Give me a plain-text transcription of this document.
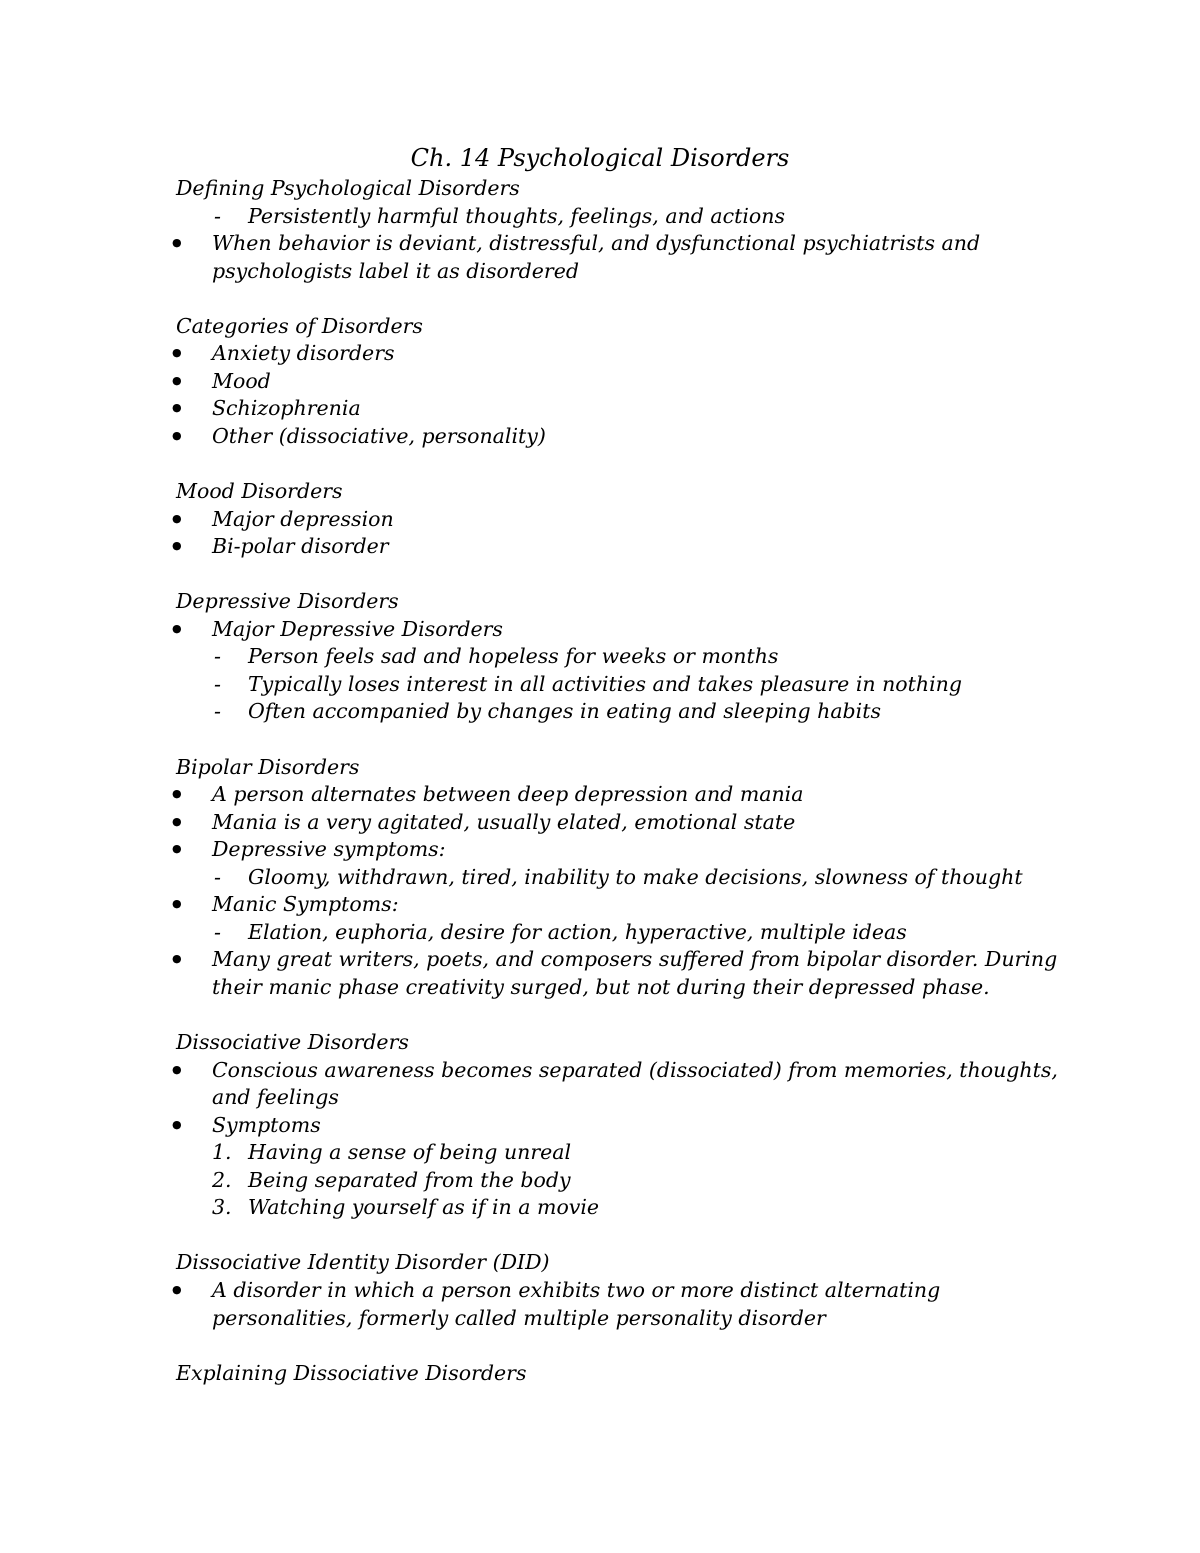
Ch. 14 Psychological Disorders
Defining Psychological Disorders
- Persistently harmful thoughts, feelings, and actions
● When behavior is deviant, distressful, and dysfunctional psychiatrists and
psychologists label it as disordered
Categories of Disorders
● Anxiety disorders
● Mood
● Schizophrenia
● Other (dissociative, personality)
Mood Disorders
● Major depression
● Bi-polar disorder
Depressive Disorders
● Major Depressive Disorders
- Person feels sad and hopeless for weeks or months
- Typically loses interest in all activities and takes pleasure in nothing
- Often accompanied by changes in eating and sleeping habits
Bipolar Disorders
● A person alternates between deep depression and mania
● Mania is a very agitated, usually elated, emotional state
● Depressive symptoms:
- Gloomy, withdrawn, tired, inability to make decisions, slowness of thought
● Manic Symptoms:
- Elation, euphoria, desire for action, hyperactive, multiple ideas
● Many great writers, poets, and composers suffered from bipolar disorder. During
their manic phase creativity surged, but not during their depressed phase.
Dissociative Disorders
● Conscious awareness becomes separated (dissociated) from memories, thoughts,
and feelings
● Symptoms
1. Having a sense of being unreal
2. Being separated from the body
3. Watching yourself as if in a movie
Dissociative Identity Disorder (DID)
● A disorder in which a person exhibits two or more distinct alternating
personalities, formerly called multiple personality disorder
Explaining Dissociative Disorders
